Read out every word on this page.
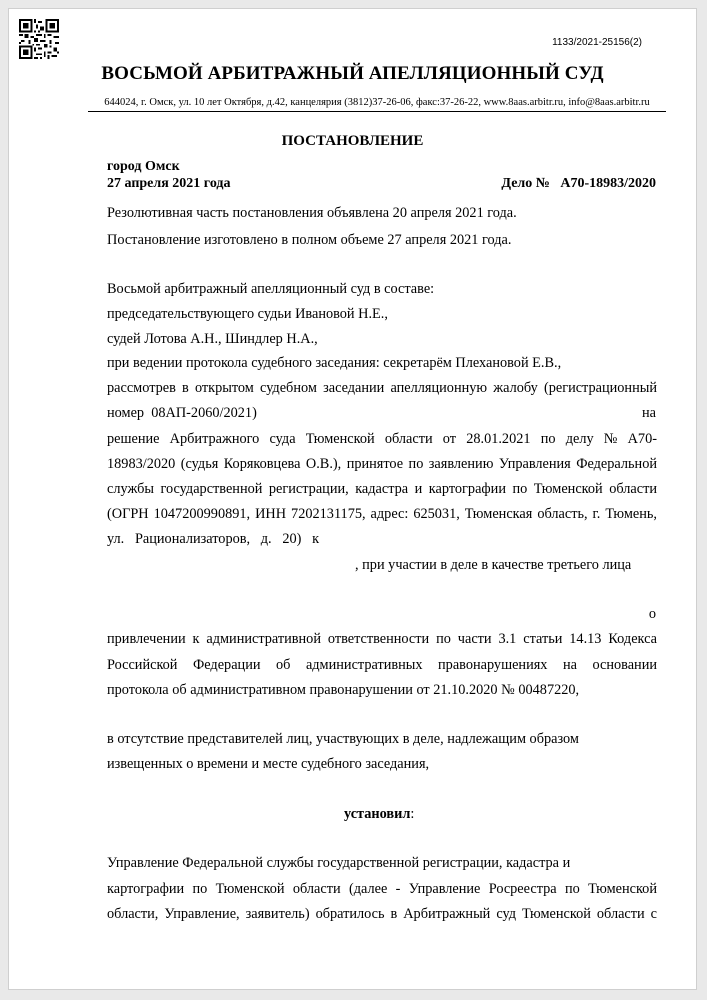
1133/2021-25156(2)
ВОСЬМОЙ АРБИТРАЖНЫЙ АПЕЛЛЯЦИОННЫЙ СУД
644024, г. Омск, ул. 10 лет Октября, д.42, канцелярия (3812)37-26-06, факс:37-26-22, www.8aas.arbitr.ru, info@8aas.arbitr.ru
ПОСТАНОВЛЕНИЕ
город Омск
27 апреля 2021 года	Дело №   А70-18983/2020
Резолютивная часть постановления объявлена 20 апреля 2021 года.
Постановление изготовлено в полном объеме 27 апреля 2021 года.
Восьмой арбитражный апелляционный суд в составе:
председательствующего судьи Ивановой Н.Е.,
судей Лотова А.Н., Шиндлер Н.А.,
при ведении протокола судебного заседания: секретарём Плехановой Е.В.,
рассмотрев в открытом судебном заседании апелляционную жалобу (регистрационный
номер  08АП-2060/2021)	на
решение Арбитражного суда Тюменской области от 28.01.2021 по делу № А70-
18983/2020 (судья Коряковцева О.В.), принятое по заявлению Управления Федеральной
службы государственной регистрации, кадастра и картографии по Тюменской области
(ОГРН 1047200990891, ИНН 7202131175, адрес: 625031, Тюменская область, г. Тюмень,
ул.   Рационализаторов,   д.   20)   к
, при участии в деле в качестве третьего лица
о
привлечении к административной ответственности по части 3.1 статьи 14.13 Кодекса
Российской Федерации об административных правонарушениях на основании
протокола об административном правонарушении от 21.10.2020 № 00487220,
в отсутствие представителей лиц, участвующих в деле, надлежащим образом
извещенных о времени и месте судебного заседания,
установил:
Управление Федеральной службы государственной регистрации, кадастра и
картографии по Тюменской области (далее - Управление Росреестра по Тюменской
области, Управление, заявитель) обратилось в Арбитражный суд Тюменской области с
